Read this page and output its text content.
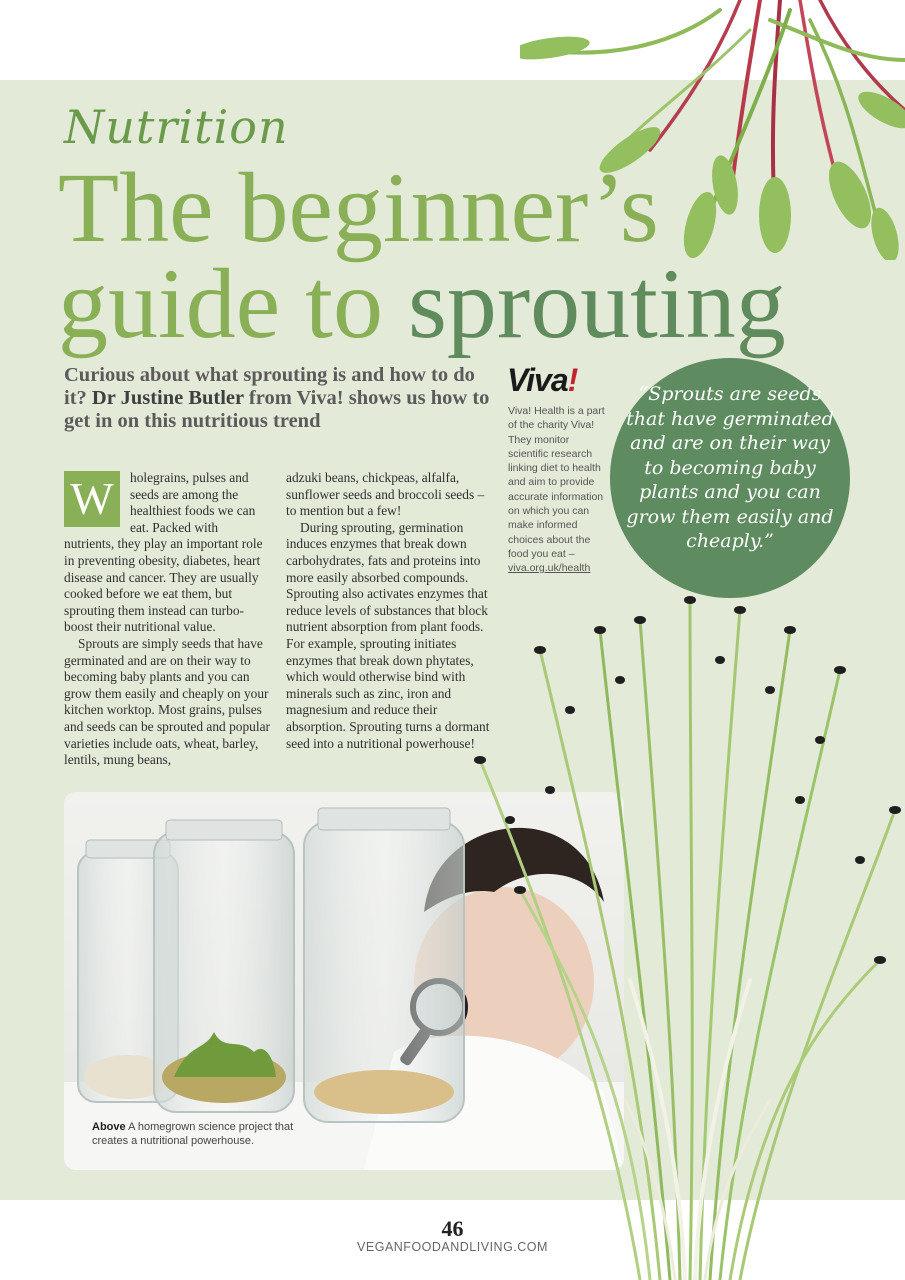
Nutrition
The beginner’s
guide to sprouting
Curious about what sprouting is and how to do it? Dr Justine Butler from Viva! shows us how to get in on this nutritious trend
Viva!
Viva! Health is a part of the charity Viva! They monitor scientific research linking diet to health and aim to provide accurate information on which you can make informed choices about the food you eat – viva.org.uk/health

W	holegrains, pulses and seeds are among the healthiest foods we can eat. Packed with nutrients, they play an important role in preventing obesity, diabetes, heart disease and cancer. They are usually cooked before we eat them, but sprouting them instead can turbo-boost their nutritional value.

Sprouts are simply seeds that have germinated and are on their way to becoming baby plants and you can grow them easily and cheaply on your kitchen worktop. Most grains, pulses and seeds can be sprouted and popular varieties include oats, wheat, barley, lentils, mung beans,

adzuki beans, chickpeas, alfalfa, sunflower seeds and broccoli seeds – to mention but a few!

During sprouting, germination induces enzymes that break down carbohydrates, fats and proteins into more easily absorbed compounds. Sprouting also activates enzymes that reduce levels of substances that block nutrient absorption from plant foods. For example, sprouting initiates enzymes that break down phytates, which would otherwise bind with minerals such as zinc, iron and magnesium and reduce their absorption. Sprouting turns a dormant seed into a nutritional powerhouse!

Above A homegrown science project that creates a nutritional powerhouse.
“Sprouts are seeds that have germinated and are on their way to becoming baby plants and you can grow them easily and cheaply.”
46
VEGANFOODANDLIVING.COM
